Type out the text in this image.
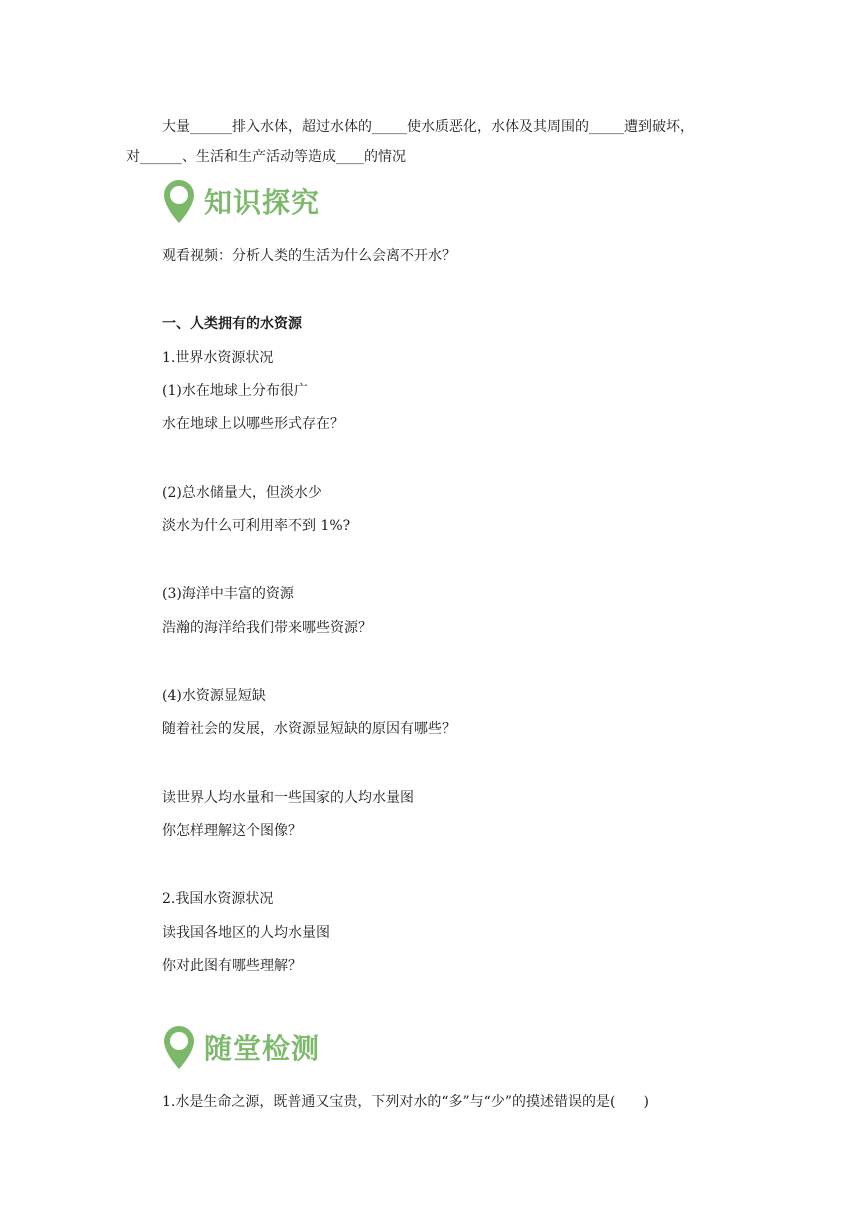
大量______排入水体，超过水体的_____使水质恶化，水体及其周围的_____遭到破坏，
对______、生活和生产活动等造成____的情况
知识探究
观看视频：分析人类的生活为什么会离不开水？
一、人类拥有的水资源
1.世界水资源状况
(1)水在地球上分布很广
水在地球上以哪些形式存在？
(2)总水储量大，但淡水少
淡水为什么可利用率不到 1%?
(3)海洋中丰富的资源
浩瀚的海洋给我们带来哪些资源？
(4)水资源显短缺
随着社会的发展，水资源显短缺的原因有哪些？
读世界人均水量和一些国家的人均水量图
你怎样理解这个图像？
2.我国水资源状况
读我国各地区的人均水量图
你对此图有哪些理解？
随堂检测
1.水是生命之源，既普通又宝贵，下列对水的“多”与“少”的摸述错误的是(　　)
